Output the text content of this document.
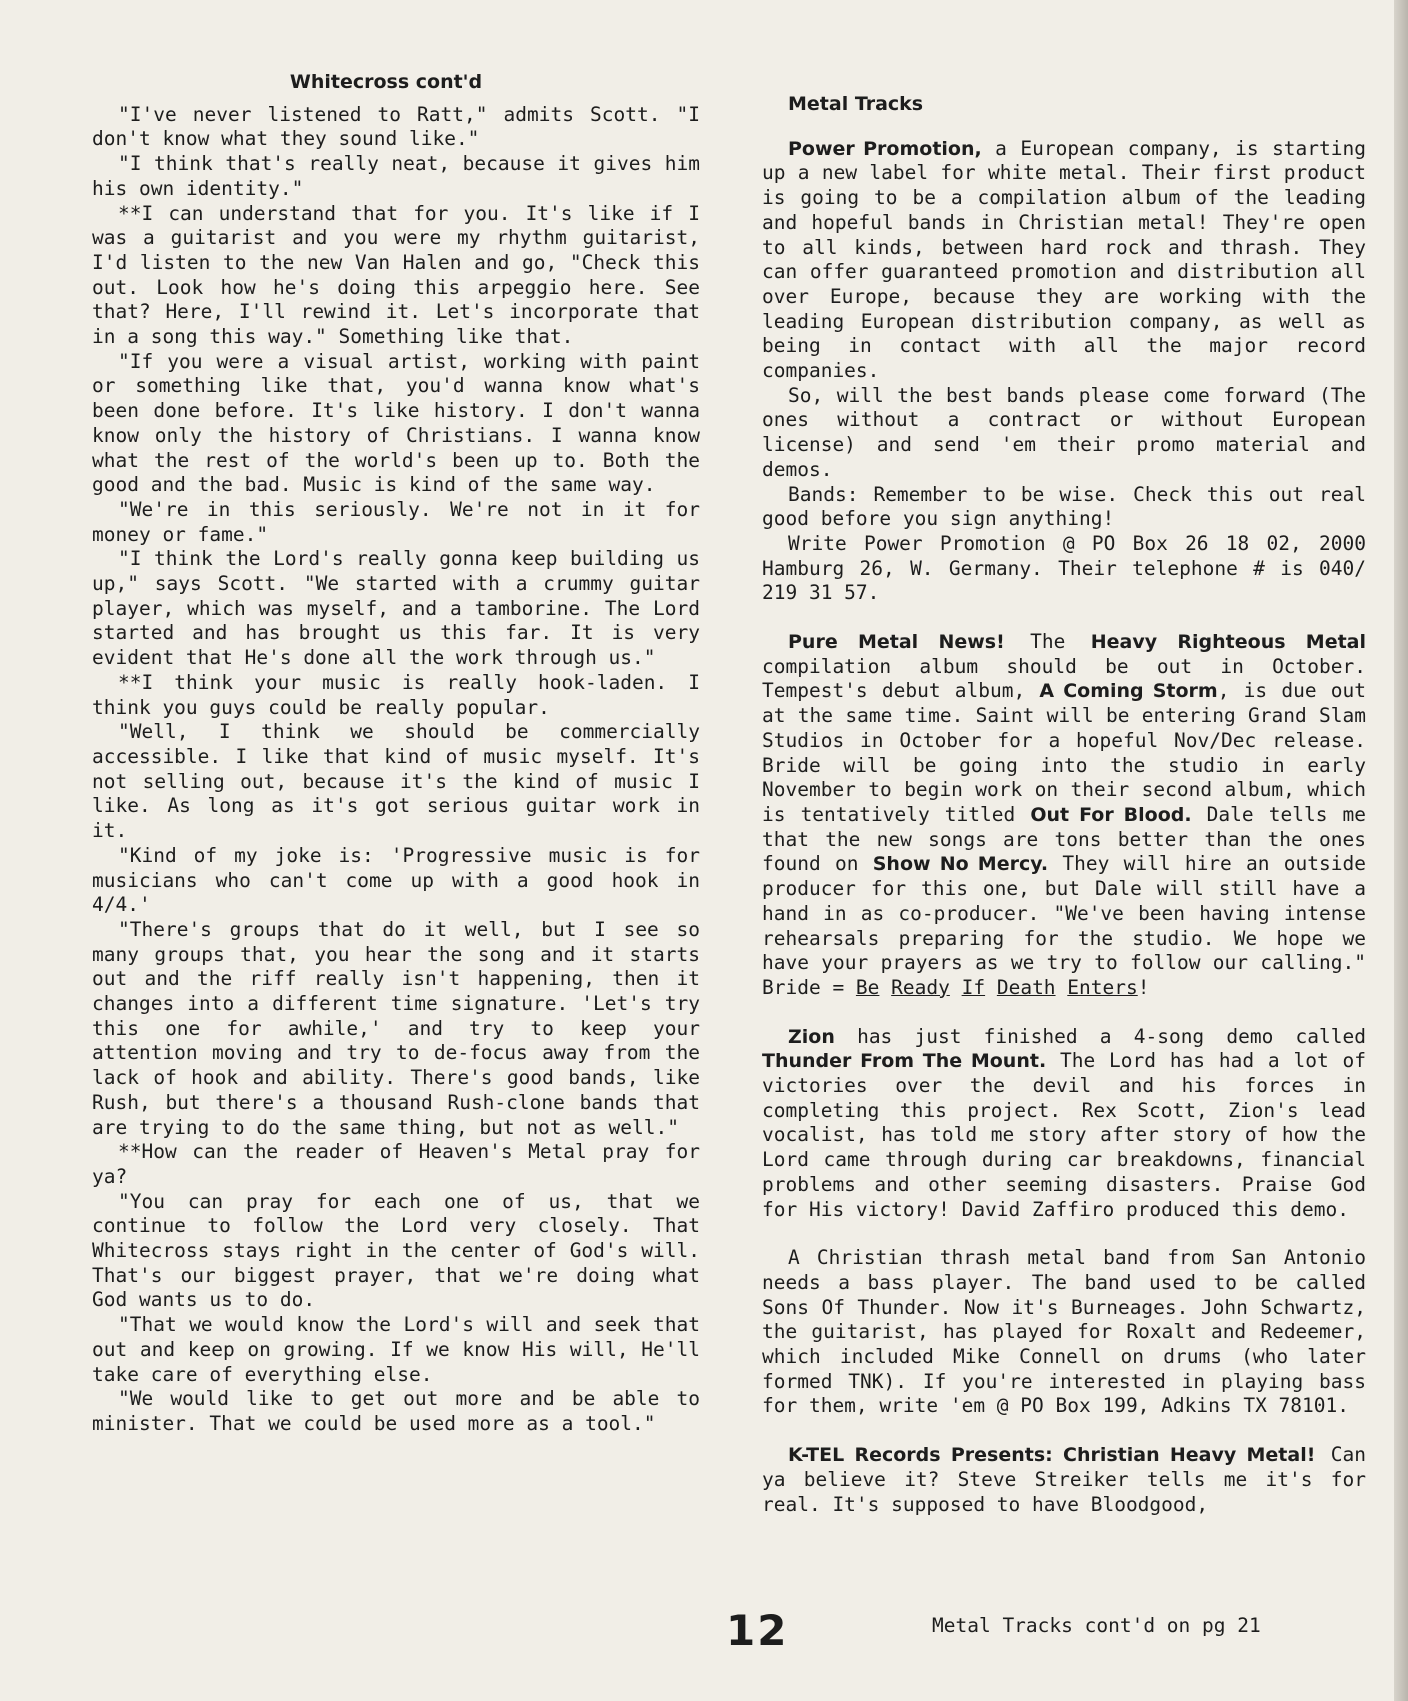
Whitecross cont'd

"I've never listened to Ratt," admits Scott. "I don't know what they sound like."

"I think that's really neat, because it gives him his own identity."

**I can understand that for you. It's like if I was a guitarist and you were my rhythm guitarist, I'd listen to the new Van Halen and go, "Check this out. Look how he's doing this arpeggio here. See that? Here, I'll rewind it. Let's incorporate that in a song this way." Something like that.

"If you were a visual artist, working with paint or something like that, you'd wanna know what's been done before. It's like history. I don't wanna know only the history of Christians. I wanna know what the rest of the world's been up to. Both the good and the bad. Music is kind of the same way.

"We're in this seriously. We're not in it for money or fame."

"I think the Lord's really gonna keep building us up," says Scott. "We started with a crummy guitar player, which was myself, and a tamborine. The Lord started and has brought us this far. It is very evident that He's done all the work through us."

**I think your music is really hook-laden. I think you guys could be really popular.

"Well, I think we should be commercially accessible. I like that kind of music myself. It's not selling out, because it's the kind of music I like. As long as it's got serious guitar work in it.

"Kind of my joke is: 'Progressive music is for musicians who can't come up with a good hook in 4/4.'

"There's groups that do it well, but I see so many groups that, you hear the song and it starts out and the riff really isn't happening, then it changes into a different time signature. 'Let's try this one for awhile,' and try to keep your attention moving and try to de-focus away from the lack of hook and ability. There's good bands, like Rush, but there's a thousand Rush-clone bands that are trying to do the same thing, but not as well."

**How can the reader of Heaven's Metal pray for ya?

"You can pray for each one of us, that we continue to follow the Lord very closely. That Whitecross stays right in the center of God's will. That's our biggest prayer, that we're doing what God wants us to do.

"That we would know the Lord's will and seek that out and keep on growing. If we know His will, He'll take care of everything else.

"We would like to get out more and be able to minister. That we could be used more as a tool."

Metal Tracks

Power Promotion, a European company, is starting up a new label for white metal. Their first product is going to be a compilation album of the leading and hopeful bands in Christian metal! They're open to all kinds, between hard rock and thrash. They can offer guaranteed promotion and distribution all over Europe, because they are working with the leading European distribution company, as well as being in contact with all the major record companies.

So, will the best bands please come forward (The ones without a contract or without European license) and send 'em their promo material and demos.

Bands: Remember to be wise. Check this out real good before you sign anything!

Write Power Promotion @ PO Box 26 18 02, 2000 Hamburg 26, W. Germany. Their telephone # is 040/ 219 31 57.

Pure Metal News! The Heavy Righteous Metal compilation album should be out in October. Tempest's debut album, A Coming Storm, is due out at the same time. Saint will be entering Grand Slam Studios in October for a hopeful Nov/Dec release. Bride will be going into the studio in early November to begin work on their second album, which is tentatively titled Out For Blood. Dale tells me that the new songs are tons better than the ones found on Show No Mercy. They will hire an outside producer for this one, but Dale will still have a hand in as co-producer. "We've been having intense rehearsals preparing for the studio. We hope we have your prayers as we try to follow our calling." Bride = Be Ready If Death Enters!

Zion has just finished a 4-song demo called Thunder From The Mount. The Lord has had a lot of victories over the devil and his forces in completing this project. Rex Scott, Zion's lead vocalist, has told me story after story of how the Lord came through during car breakdowns, financial problems and other seeming disasters. Praise God for His victory! David Zaffiro produced this demo.

A Christian thrash metal band from San Antonio needs a bass player. The band used to be called Sons Of Thunder. Now it's Burneages. John Schwartz, the guitarist, has played for Roxalt and Redeemer, which included Mike Connell on drums (who later formed TNK). If you're interested in playing bass for them, write 'em @ PO Box 199, Adkins TX 78101.

K-TEL Records Presents: Christian Heavy Metal! Can ya believe it? Steve Streiker tells me it's for real. It's supposed to have Bloodgood,

12	Metal Tracks cont'd on pg 21
